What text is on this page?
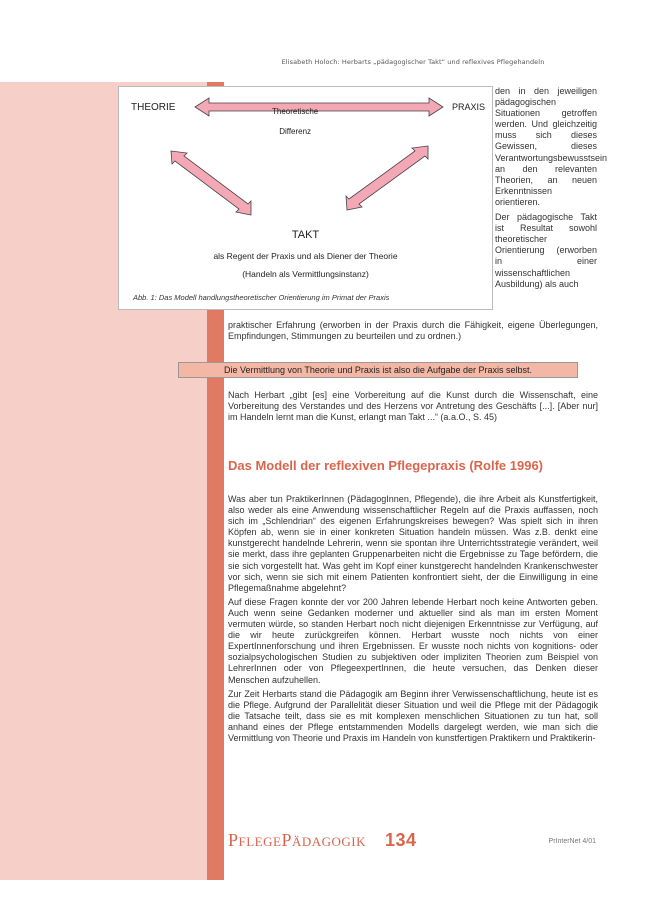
Elisabeth Holoch: Herbarts „pädagogischer Takt“ und reflexives Pflegehandeln
THEORIE	Theoretische
Differenz
PRAXIS
TAKT
als Regent der Praxis und als Diener der Theorie
(Handeln als Vermittlungsinstanz)
Abb. 1: Das Modell handlungstheoretischer Orientierung im Primat der Praxis

den in den jeweiligen pädagogischen Situationen getroffen werden. Und gleichzeitig muss sich dieses Gewissen, dieses Verantwortungsbewusstsein an den relevanten Theorien, an neuen Erkenntnissen orientieren.

Der pädagogische Takt ist Resultat sowohl theoretischer Orientierung (erworben in einer wissenschaftlichen Ausbildung) als auch

praktischer Erfahrung (erworben in der Praxis durch die Fähigkeit, eigene Überlegungen, Empfindungen, Stimmungen zu beurteilen und zu ordnen.)

Die Vermittlung von Theorie und Praxis ist also die Aufgabe der Praxis selbst.

Nach Herbart „gibt [es] eine Vorbereitung auf die Kunst durch die Wissenschaft, eine Vorbereitung des Verstandes und des Herzens vor Antretung des Geschäfts [...]. [Aber nur] im Handeln lernt man die Kunst, erlangt man Takt ...“ (a.a.O., S. 45)

Das Modell der reflexiven Pflegepraxis (Rolfe 1996)

Was aber tun PraktikerInnen (PädagogInnen, Pflegende), die ihre Arbeit als Kunstfertigkeit, also weder als eine Anwendung wissenschaftlicher Regeln auf die Praxis auffassen, noch sich im „Schlendrian“ des eigenen Erfahrungskreises bewegen? Was spielt sich in ihren Köpfen ab, wenn sie in einer konkreten Situation handeln müssen. Was z.B. denkt eine kunstgerecht handelnde Lehrerin, wenn sie spontan ihre Unterrichtsstrategie verändert, weil sie merkt, dass ihre geplanten Gruppenarbeiten nicht die Ergebnisse zu Tage befördern, die sie sich vorgestellt hat. Was geht im Kopf einer kunstgerecht handelnden Krankenschwester vor sich, wenn sie sich mit einem Patienten konfrontiert sieht, der die Einwilligung in eine Pflegemaßnahme abgelehnt?

Auf diese Fragen konnte der vor 200 Jahren lebende Herbart noch keine Antworten geben. Auch wenn seine Gedanken moderner und aktueller sind als man im ersten Moment vermuten würde, so standen Herbart noch nicht diejenigen Erkenntnisse zur Verfügung, auf die wir heute zurückgreifen können. Herbart wusste noch nichts von einer ExpertInnenforschung und ihren Ergebnissen. Er wusste noch nichts von kognitions- oder sozialpsychologischen Studien zu subjektiven oder impliziten Theorien zum Beispiel von LehrerInnen oder von PflegeexpertInnen, die heute versuchen, das Denken dieser Menschen aufzuhellen.

Zur Zeit Herbarts stand die Pädagogik am Beginn ihrer Verwissenschaftlichung, heute ist es die Pflege. Aufgrund der Parallelität dieser Situation und weil die Pflege mit der Pädagogik die Tatsache teilt, dass sie es mit komplexen menschlichen Situationen zu tun hat, soll anhand eines der Pflege entstammenden Modells dargelegt werden, wie man sich die Vermittlung von Theorie und Praxis im Handeln von kunstfertigen Praktikern und Praktikerin-

PflegePädagogik 134	PrInterNet 4/01
